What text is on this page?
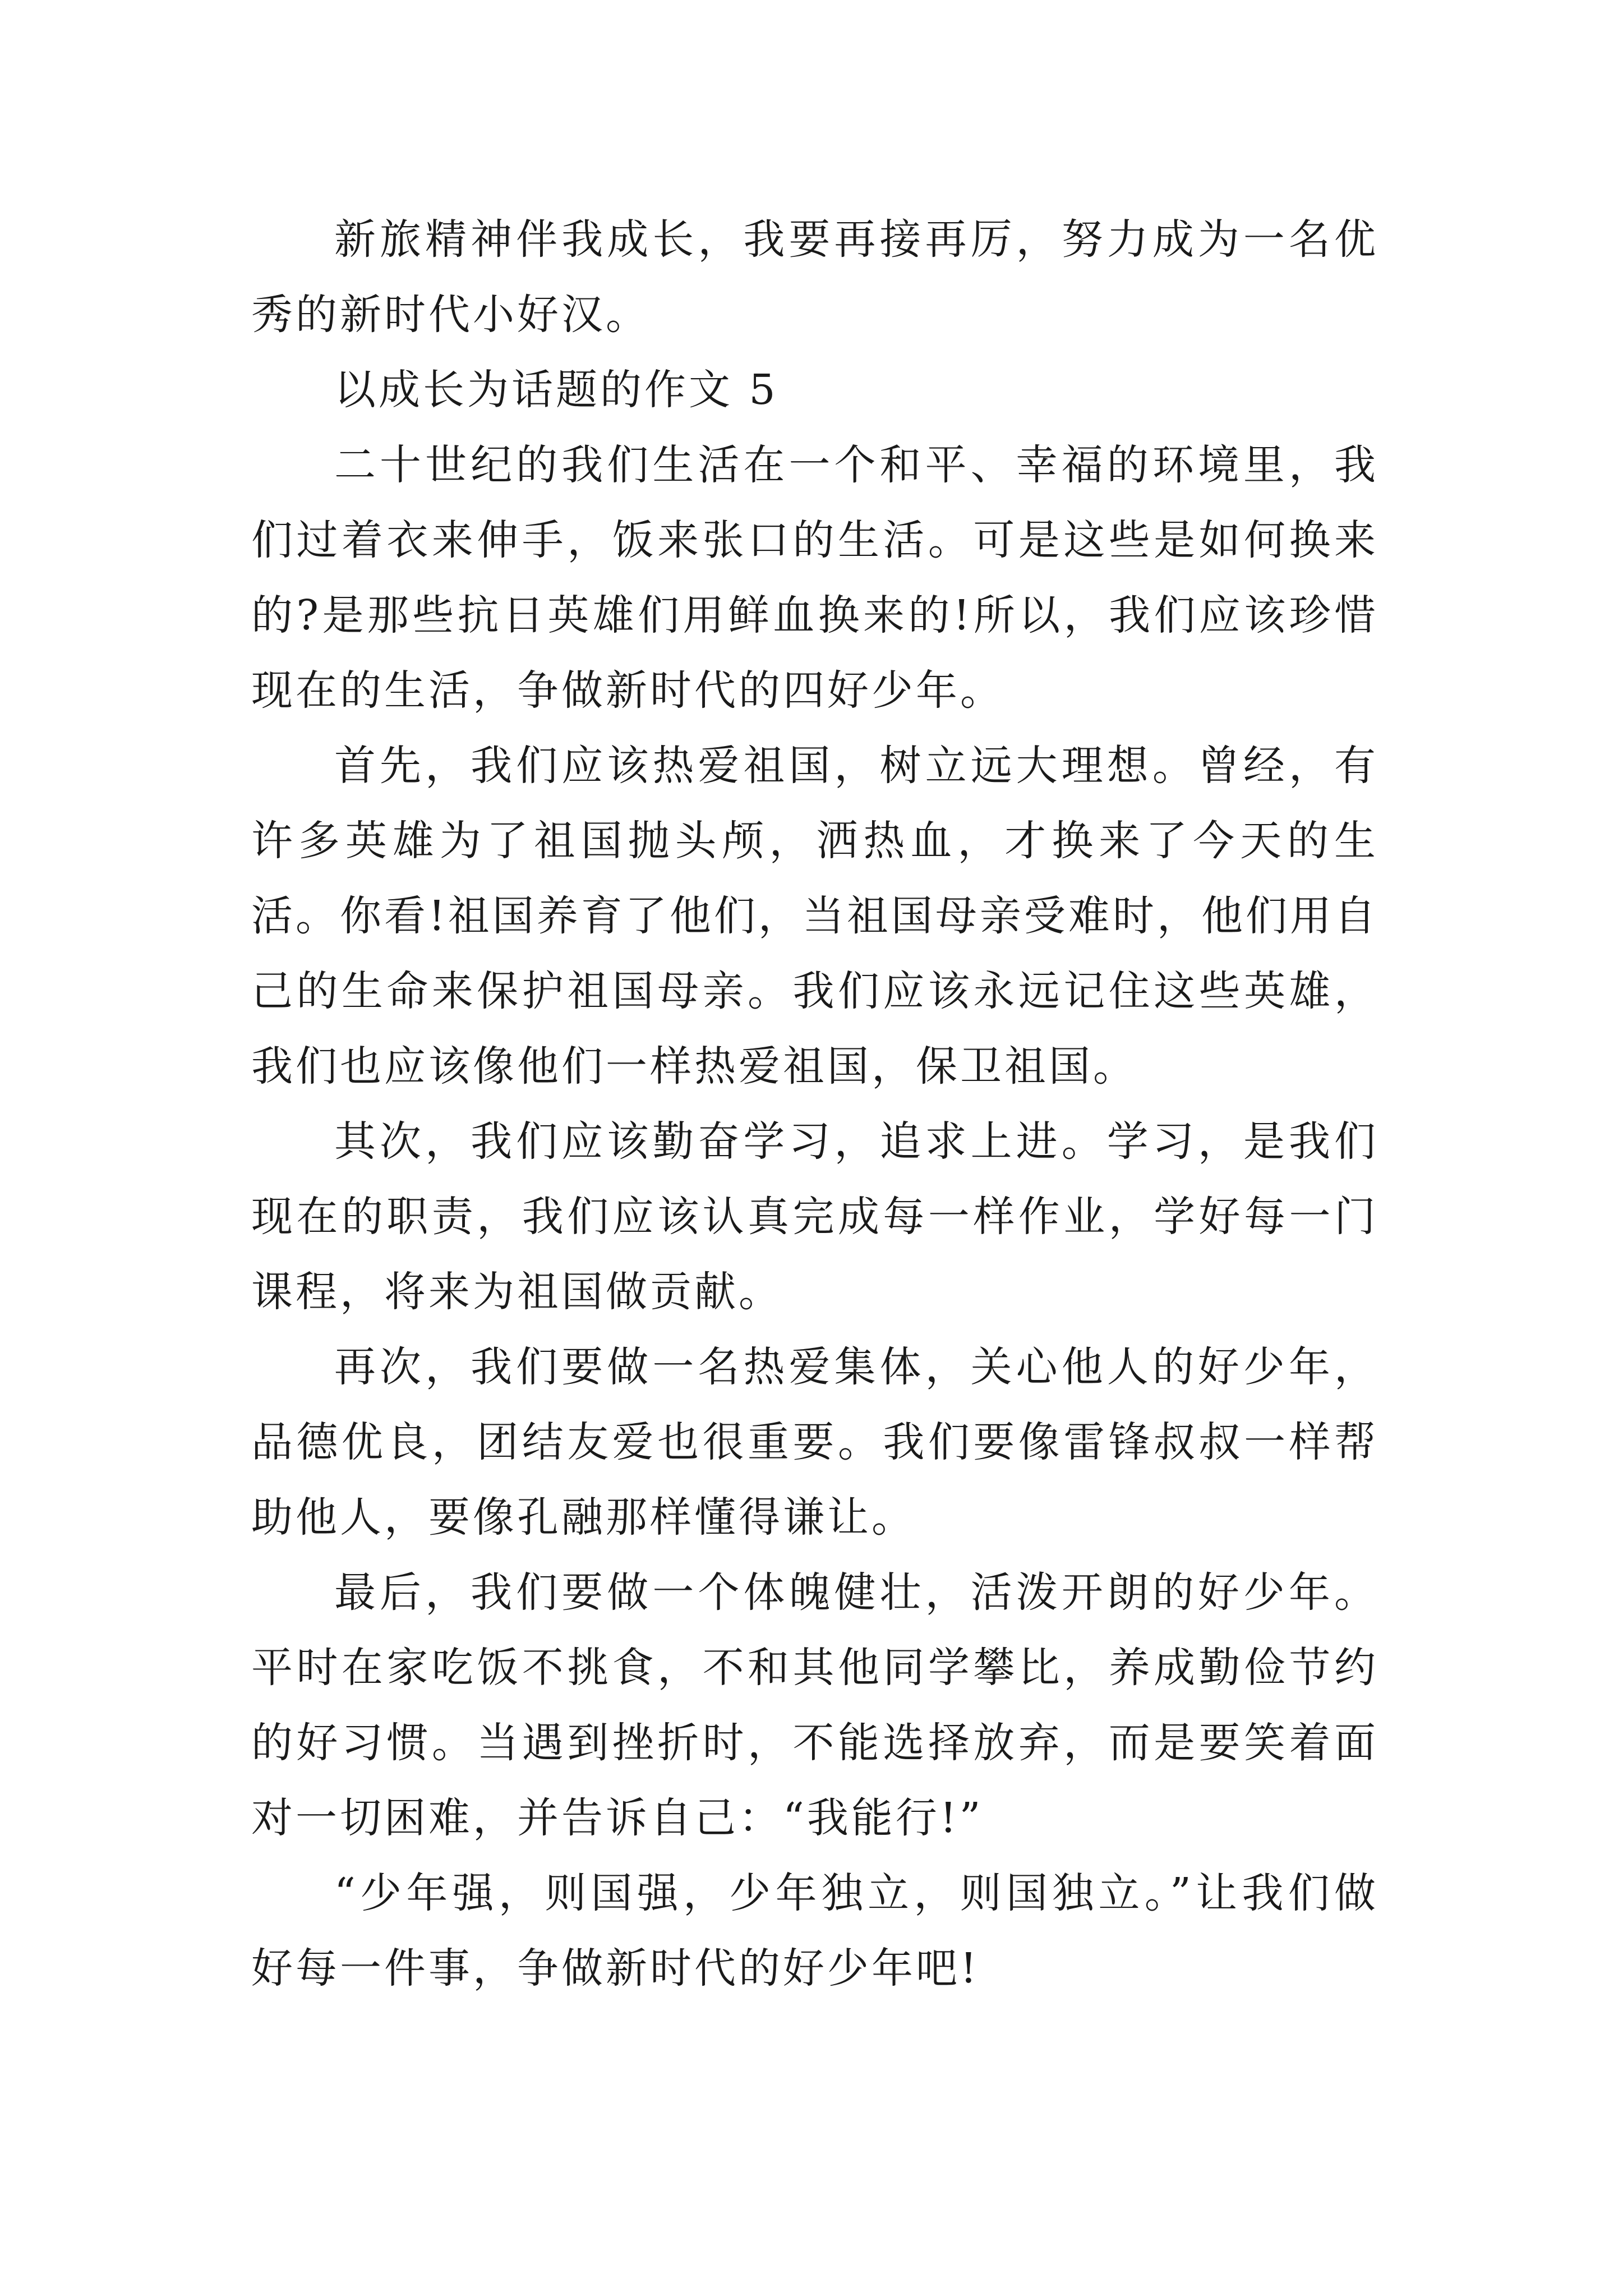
新旅精神伴我成长，我要再接再厉，努力成为一名优秀的新时代小好汉。

以成长为话题的作文 5

二十世纪的我们生活在一个和平、幸福的环境里，我们过着衣来伸手，饭来张口的生活。可是这些是如何换来的?是那些抗日英雄们用鲜血换来的!所以，我们应该珍惜现在的生活，争做新时代的四好少年。

首先，我们应该热爱祖国，树立远大理想。曾经，有许多英雄为了祖国抛头颅，洒热血，才换来了今天的生活。你看!祖国养育了他们，当祖国母亲受难时，他们用自己的生命来保护祖国母亲。我们应该永远记住这些英雄，我们也应该像他们一样热爱祖国，保卫祖国。

其次，我们应该勤奋学习，追求上进。学习，是我们现在的职责，我们应该认真完成每一样作业，学好每一门课程，将来为祖国做贡献。

再次，我们要做一名热爱集体，关心他人的好少年，品德优良，团结友爱也很重要。我们要像雷锋叔叔一样帮助他人，要像孔融那样懂得谦让。

最后，我们要做一个体魄健壮，活泼开朗的好少年。平时在家吃饭不挑食，不和其他同学攀比，养成勤俭节约的好习惯。当遇到挫折时，不能选择放弃，而是要笑着面对一切困难，并告诉自己：“我能行!”

“少年强，则国强，少年独立，则国独立。”让我们做好每一件事，争做新时代的好少年吧!
